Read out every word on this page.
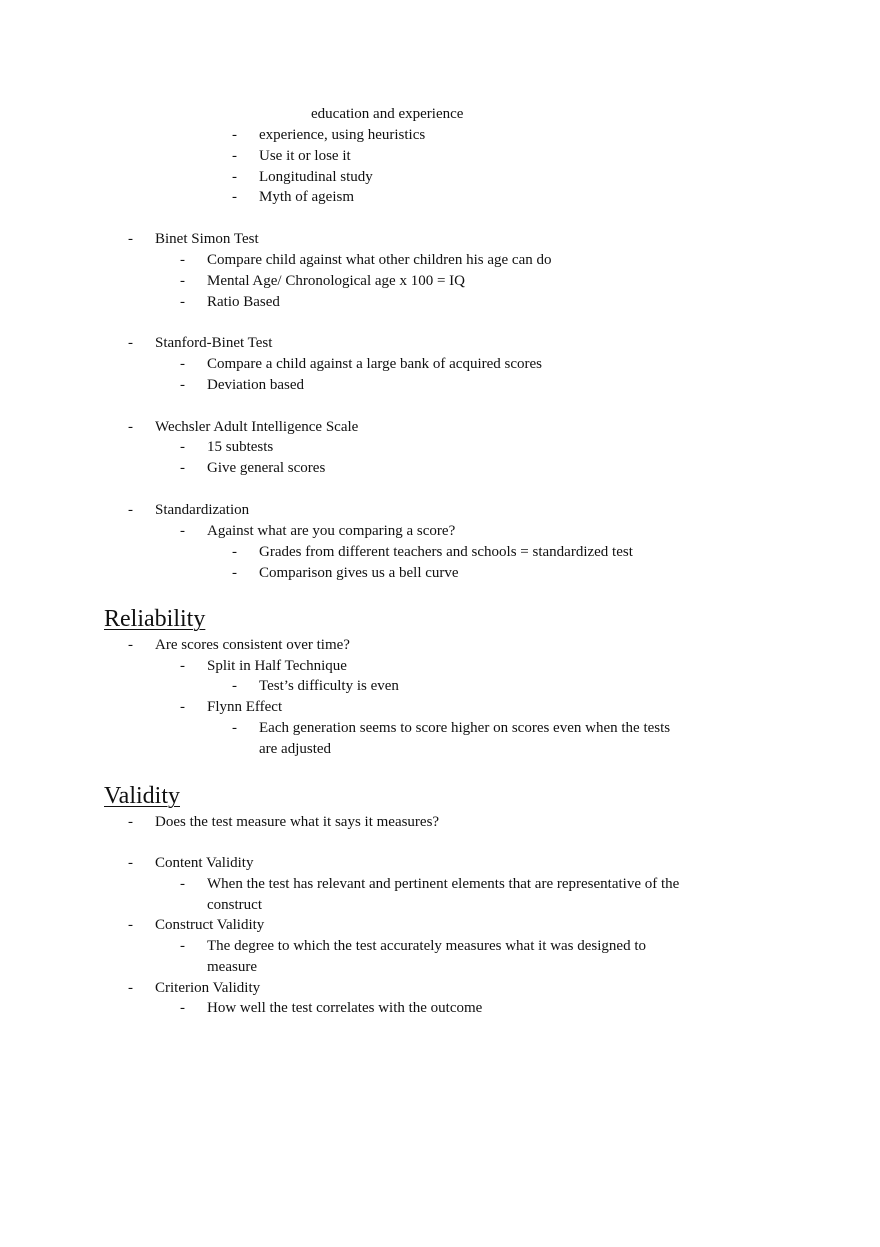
education and experience
- experience, using heuristics
- Use it or lose it
- Longitudinal study
- Myth of ageism
- Binet Simon Test
- Compare child against what other children his age can do
- Mental Age/ Chronological age x 100 = IQ
- Ratio Based
- Stanford-Binet Test
- Compare a child against a large bank of acquired scores
- Deviation based
- Wechsler Adult Intelligence Scale
- 15 subtests
- Give general scores
- Standardization
- Against what are you comparing a score?
- Grades from different teachers and schools = standardized test
- Comparison gives us a bell curve
Reliability
- Are scores consistent over time?
- Split in Half Technique
- Test’s difficulty is even
- Flynn Effect
- Each generation seems to score higher on scores even when the tests
are adjusted
Validity
- Does the test measure what it says it measures?
- Content Validity
- When the test has relevant and pertinent elements that are representative of the
construct
- Construct Validity
- The degree to which the test accurately measures what it was designed to
measure
- Criterion Validity
- How well the test correlates with the outcome
